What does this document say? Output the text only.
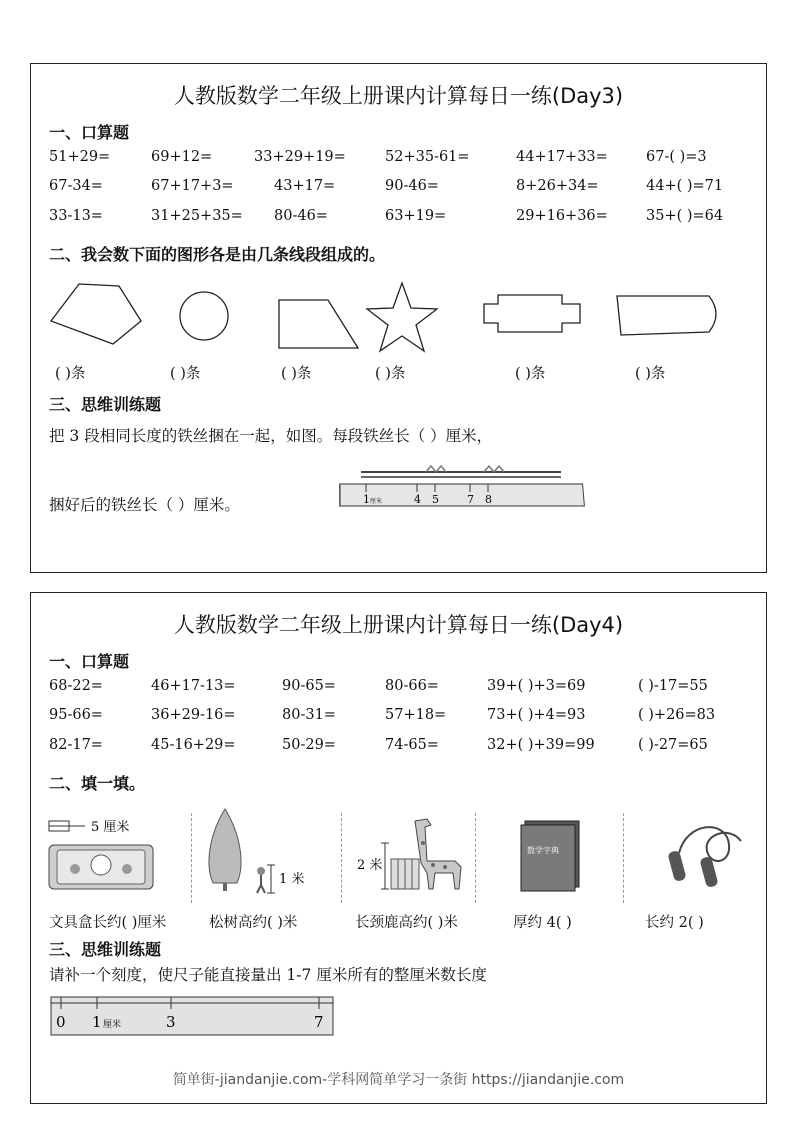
人教版数学二年级上册课内计算每日一练(Day3)
一、口算题
51+29=	69+12=	33+29+19=	52+35-61=	44+17+33=	67-( )=3
67-34=	67+17+3=	43+17=	90-46=	8+26+34=	44+( )=71
33-13=	31+25+35= 80-46=	63+19=	29+16+36=	35+( )=64
二、我会数下面的图形各是由几条线段组成的。
( )条	( )条	( )条	( )条	( )条	( )条
三、思维训练题
把 3 段相同长度的铁丝捆在一起，如图。每段铁丝长（ ）厘米，
1 厘米	4 5	7 8
捆好后的铁丝长（ ）厘米。
人教版数学二年级上册课内计算每日一练(Day4)
一、口算题
68-22=	46+17-13=	90-65=	80-66=	39+( )+3=69	( )-17=55
95-66=	36+29-16=	80-31=	57+18=	73+( )+4=93	( )+26=83
82-17=	45-16+29=	50-29=	74-65=	32+( )+39=99	( )-27=65
二、填一填。
5 厘米
1 米
2 米
数学字典
文具盒长约( )厘米	松树高约( )米	长颈鹿高约( )米	厚约 4( )	长约 2( )
三、思维训练题
请补一个刻度，使尺子能直接量出 1-7 厘米所有的整厘米数长度
0 1 厘米	3	7
简单街-jiandanjie.com-学科网简单学习一条街 https://jiandanjie.com
